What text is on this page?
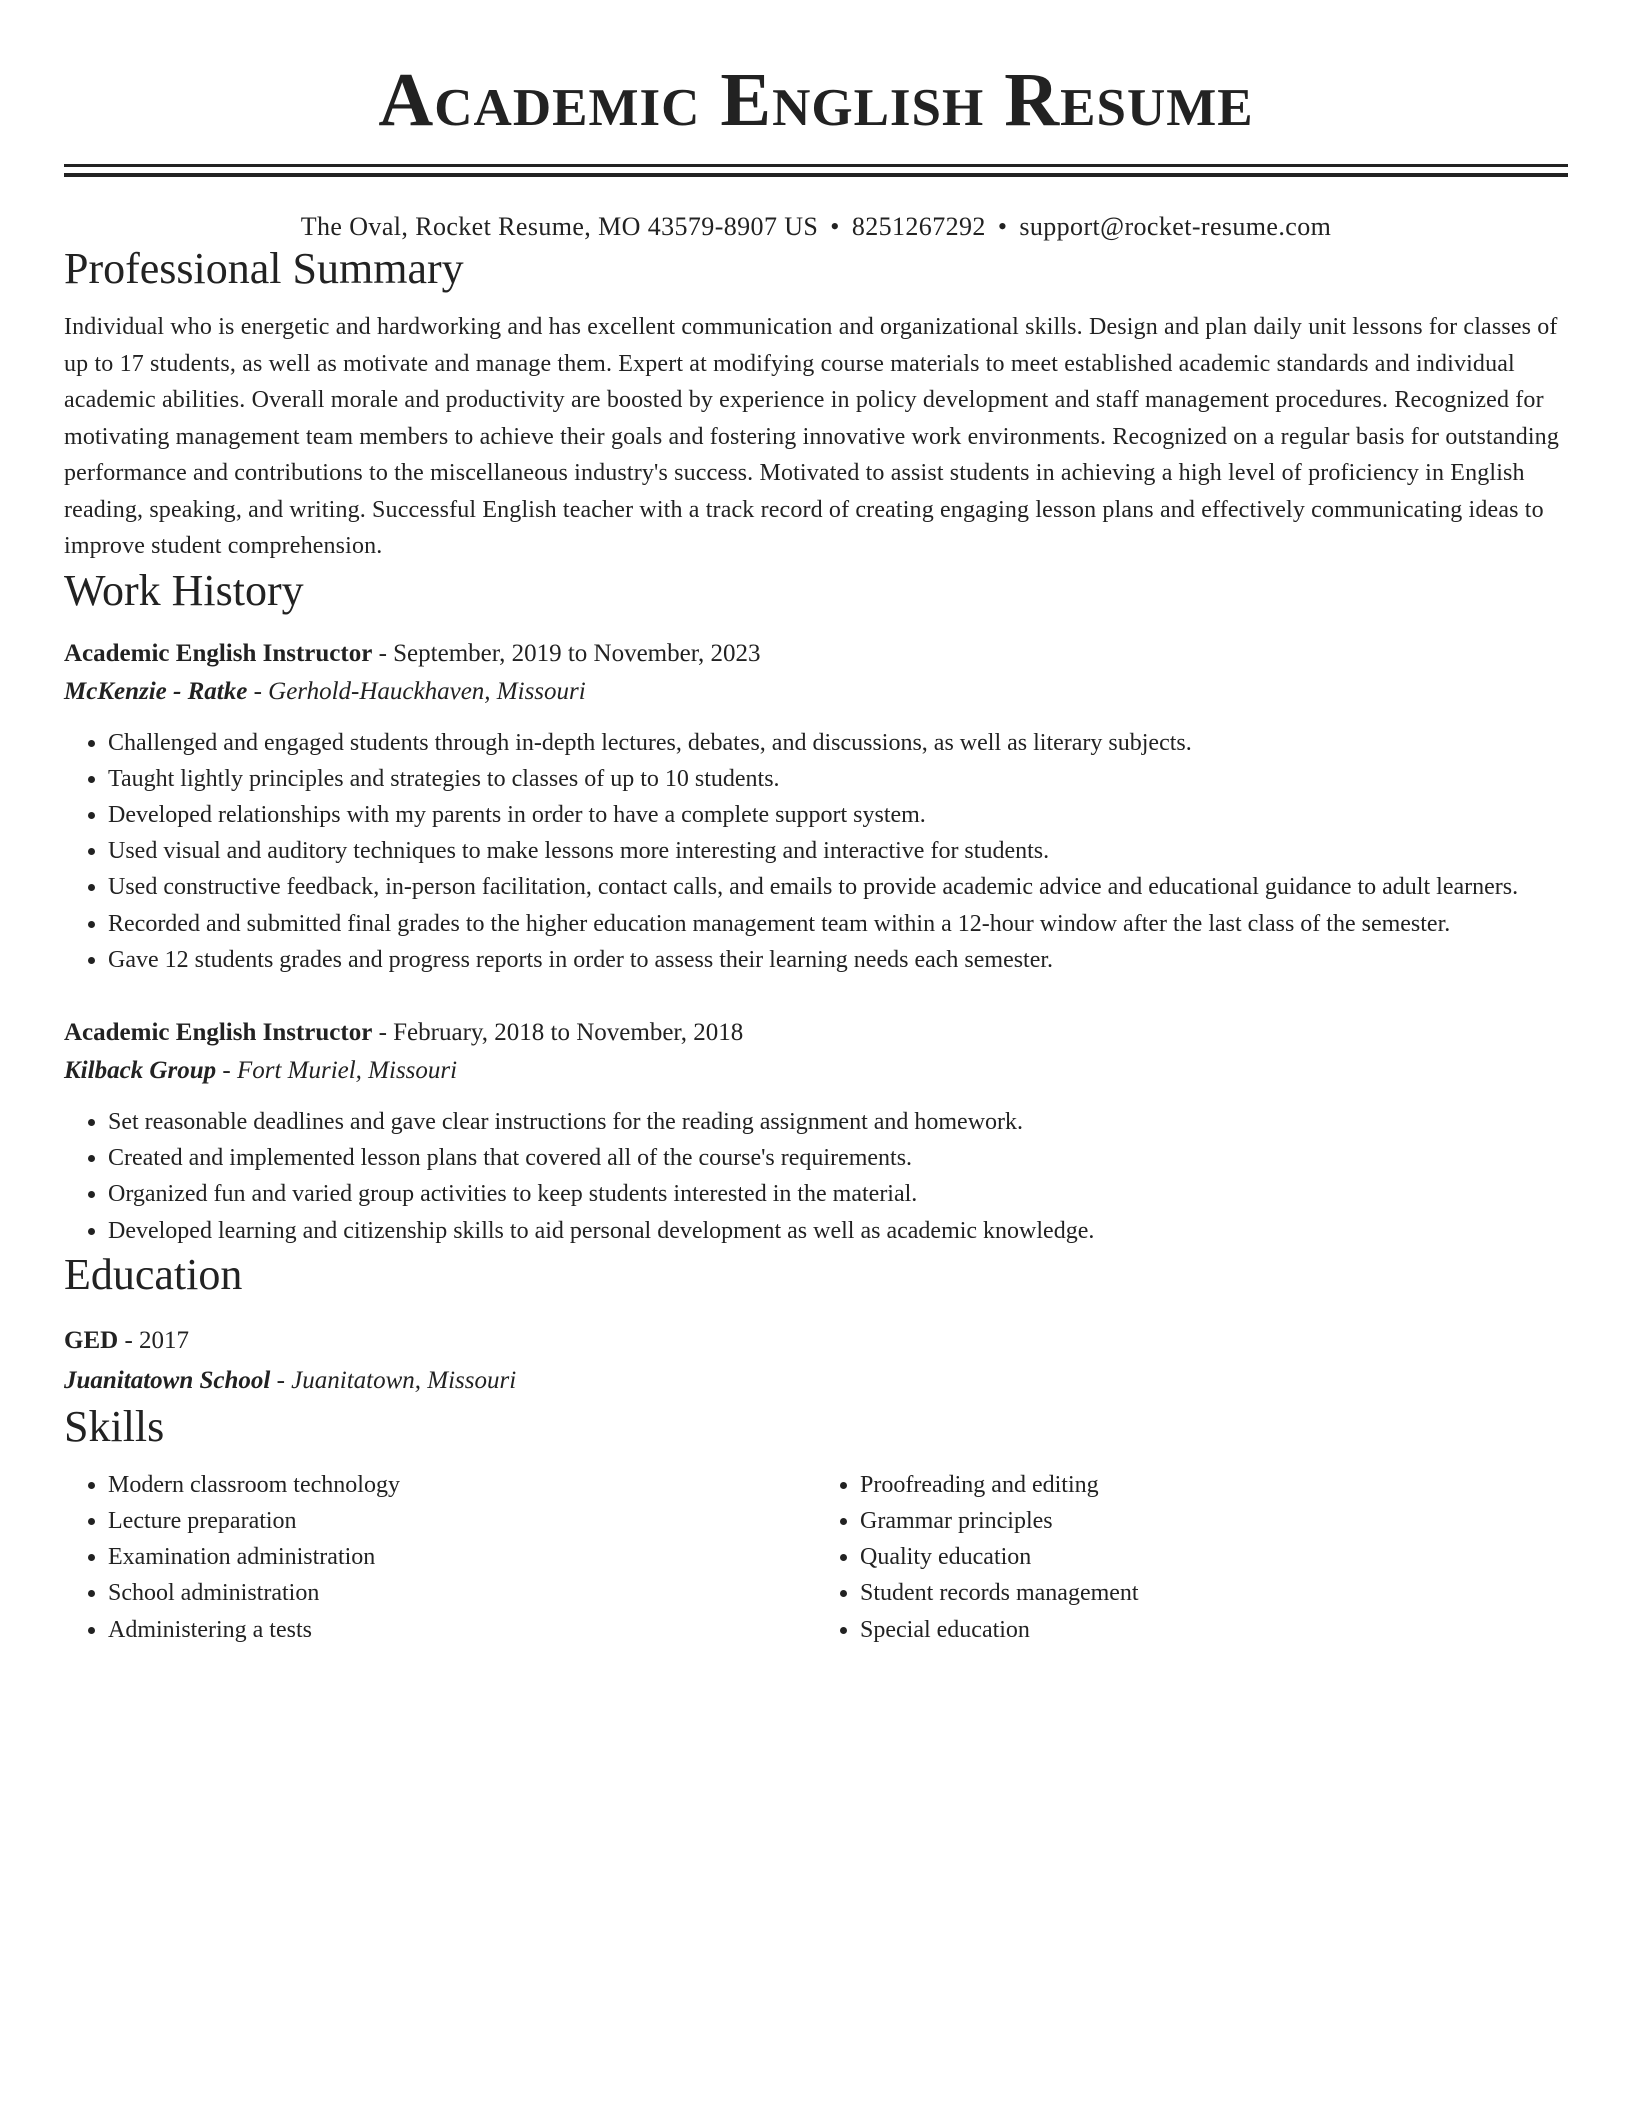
Academic English Resume
The Oval, Rocket Resume, MO 43579-8907 US • 8251267292 • support@rocket-resume.com
Professional Summary

Individual who is energetic and hardworking and has excellent communication and organizational skills. Design and plan daily unit lessons for classes of up to 17 students, as well as motivate and manage them. Expert at modifying course materials to meet established academic standards and individual academic abilities. Overall morale and productivity are boosted by experience in policy development and staff management procedures. Recognized for motivating management team members to achieve their goals and fostering innovative work environments. Recognized on a regular basis for outstanding performance and contributions to the miscellaneous industry's success. Motivated to assist students in achieving a high level of proficiency in English reading, speaking, and writing. Successful English teacher with a track record of creating engaging lesson plans and effectively communicating ideas to improve student comprehension.

Work History
Academic English Instructor - September, 2019 to November, 2023
McKenzie - Ratke - Gerhold-Hauckhaven, Missouri
• Challenged and engaged students through in-depth lectures, debates, and discussions, as well as literary subjects.
• Taught lightly principles and strategies to classes of up to 10 students.
• Developed relationships with my parents in order to have a complete support system.
• Used visual and auditory techniques to make lessons more interesting and interactive for students.
• Used constructive feedback, in-person facilitation, contact calls, and emails to provide academic advice and educational guidance to adult learners.
• Recorded and submitted final grades to the higher education management team within a 12-hour window after the last class of the semester.
• Gave 12 students grades and progress reports in order to assess their learning needs each semester.
Academic English Instructor - February, 2018 to November, 2018
Kilback Group - Fort Muriel, Missouri
• Set reasonable deadlines and gave clear instructions for the reading assignment and homework.
• Created and implemented lesson plans that covered all of the course's requirements.
• Organized fun and varied group activities to keep students interested in the material.
• Developed learning and citizenship skills to aid personal development as well as academic knowledge.
Education
GED - 2017
Juanitatown School - Juanitatown, Missouri
Skills
• Modern classroom technology
• Lecture preparation
• Examination administration
• School administration
• Administering a tests
• Proofreading and editing
• Grammar principles
• Quality education
• Student records management
• Special education
